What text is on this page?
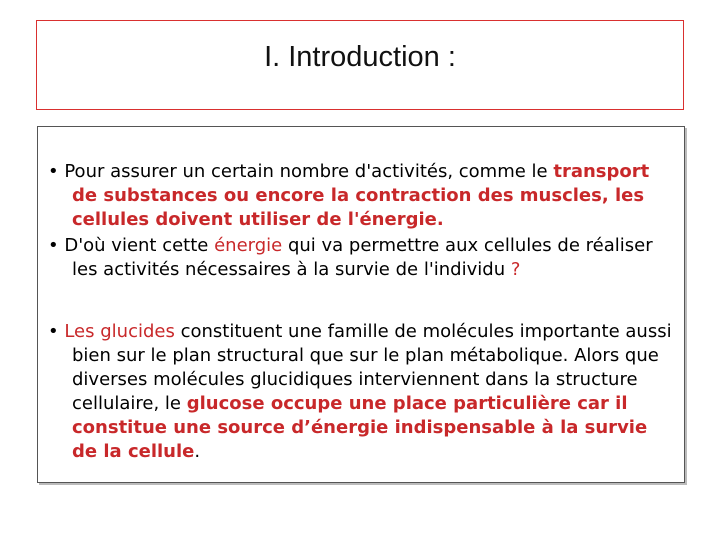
I. Introduction :
• Pour assurer un certain nombre d'activités, comme le transport de substances ou encore la contraction des muscles, les cellules doivent utiliser de l'énergie.
• D'où vient cette énergie qui va permettre aux cellules de réaliser les activités nécessaires à la survie de l'individu ?
• Les glucides constituent une famille de molécules importante aussi bien sur le plan structural que sur le plan métabolique. Alors que diverses molécules glucidiques interviennent dans la structure cellulaire, le glucose occupe une place particulière car il constitue une source d’énergie indispensable à la survie de la cellule.
